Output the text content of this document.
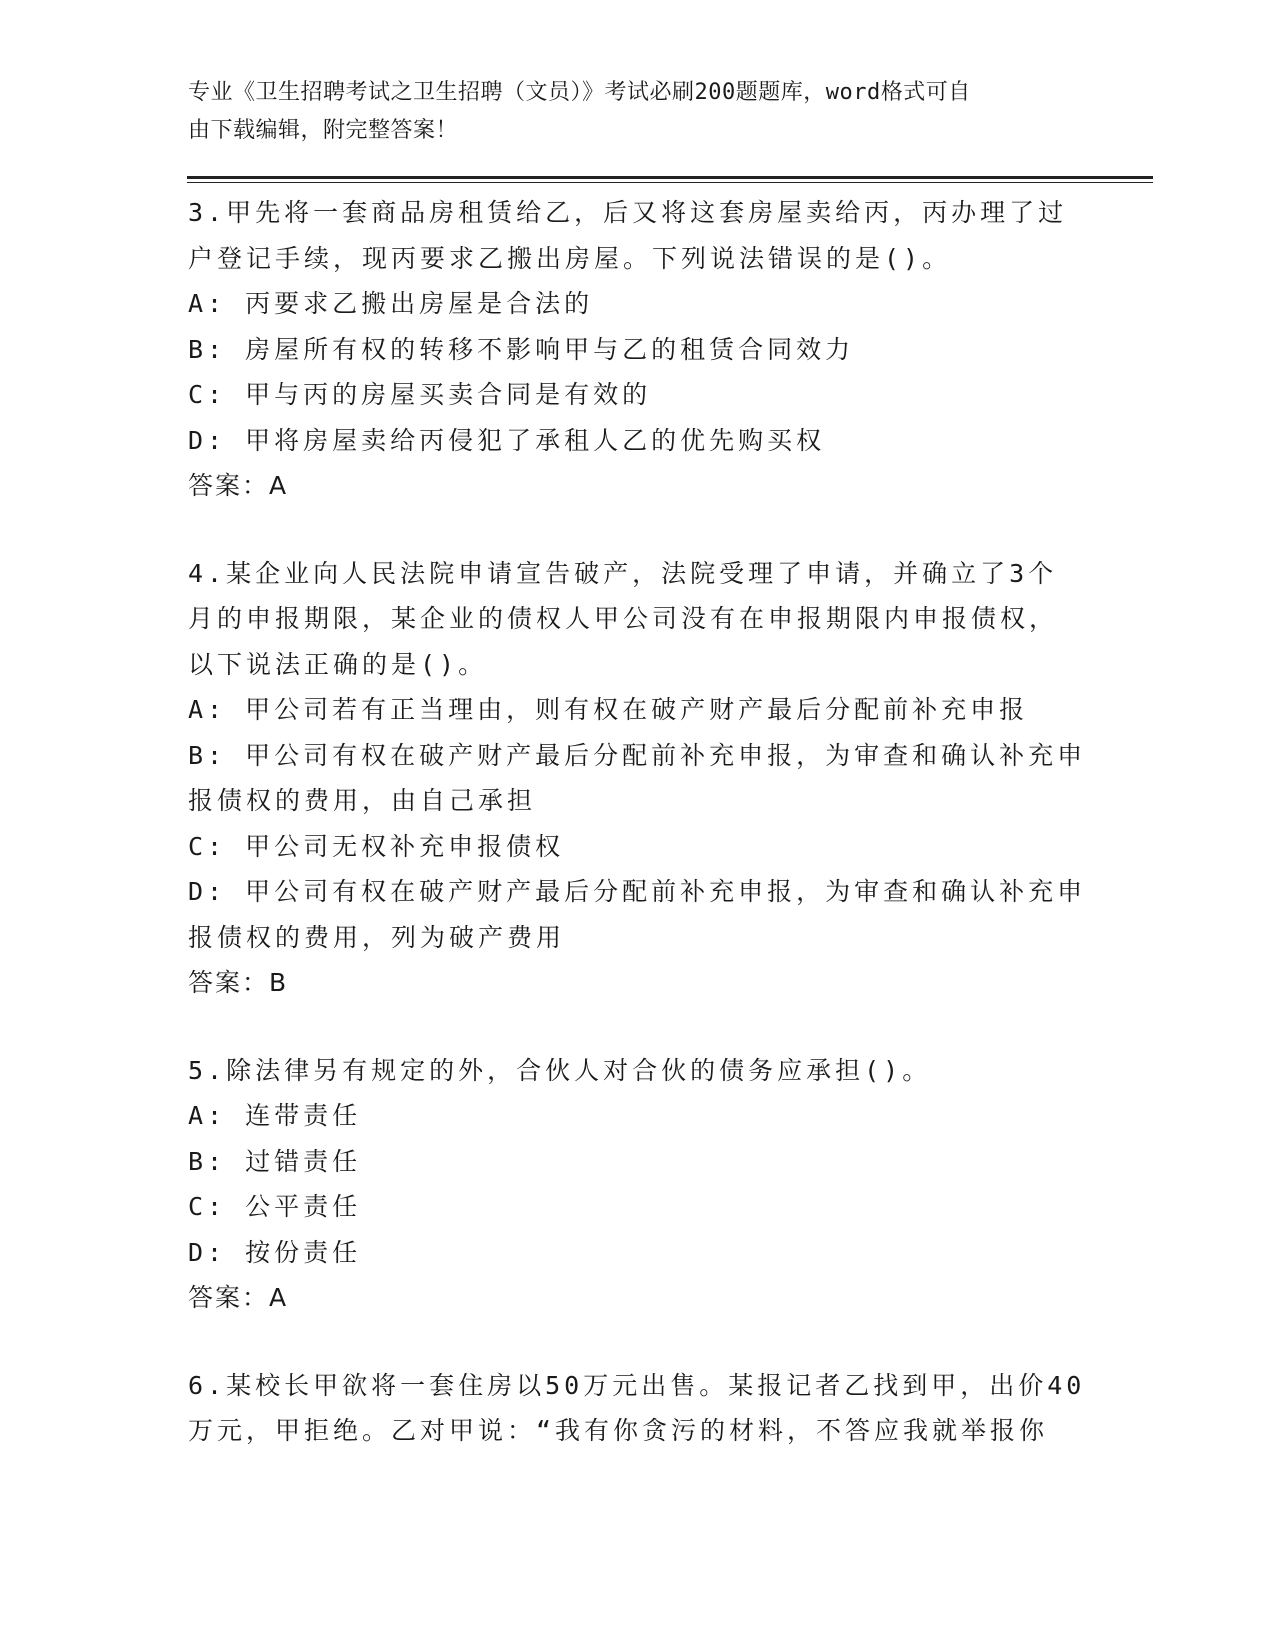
专业《卫生招聘考试之卫生招聘（文员）》考试必刷200题题库，word格式可自
由下载编辑，附完整答案！
3.甲先将一套商品房租赁给乙，后又将这套房屋卖给丙，丙办理了过
户登记手续，现丙要求乙搬出房屋。下列说法错误的是()。
A: 丙要求乙搬出房屋是合法的
B: 房屋所有权的转移不影响甲与乙的租赁合同效力
C: 甲与丙的房屋买卖合同是有效的
D: 甲将房屋卖给丙侵犯了承租人乙的优先购买权
答案：A
4.某企业向人民法院申请宣告破产，法院受理了申请，并确立了3个
月的申报期限，某企业的债权人甲公司没有在申报期限内申报债权，
以下说法正确的是()。
A: 甲公司若有正当理由，则有权在破产财产最后分配前补充申报
B: 甲公司有权在破产财产最后分配前补充申报，为审查和确认补充申
报债权的费用，由自己承担
C: 甲公司无权补充申报债权
D: 甲公司有权在破产财产最后分配前补充申报，为审查和确认补充申
报债权的费用，列为破产费用
答案：B
5.除法律另有规定的外，合伙人对合伙的债务应承担()。
A: 连带责任
B: 过错责任
C: 公平责任
D: 按份责任
答案：A
6.某校长甲欲将一套住房以50万元出售。某报记者乙找到甲，出价40
万元，甲拒绝。乙对甲说：“我有你贪污的材料，不答应我就举报你
